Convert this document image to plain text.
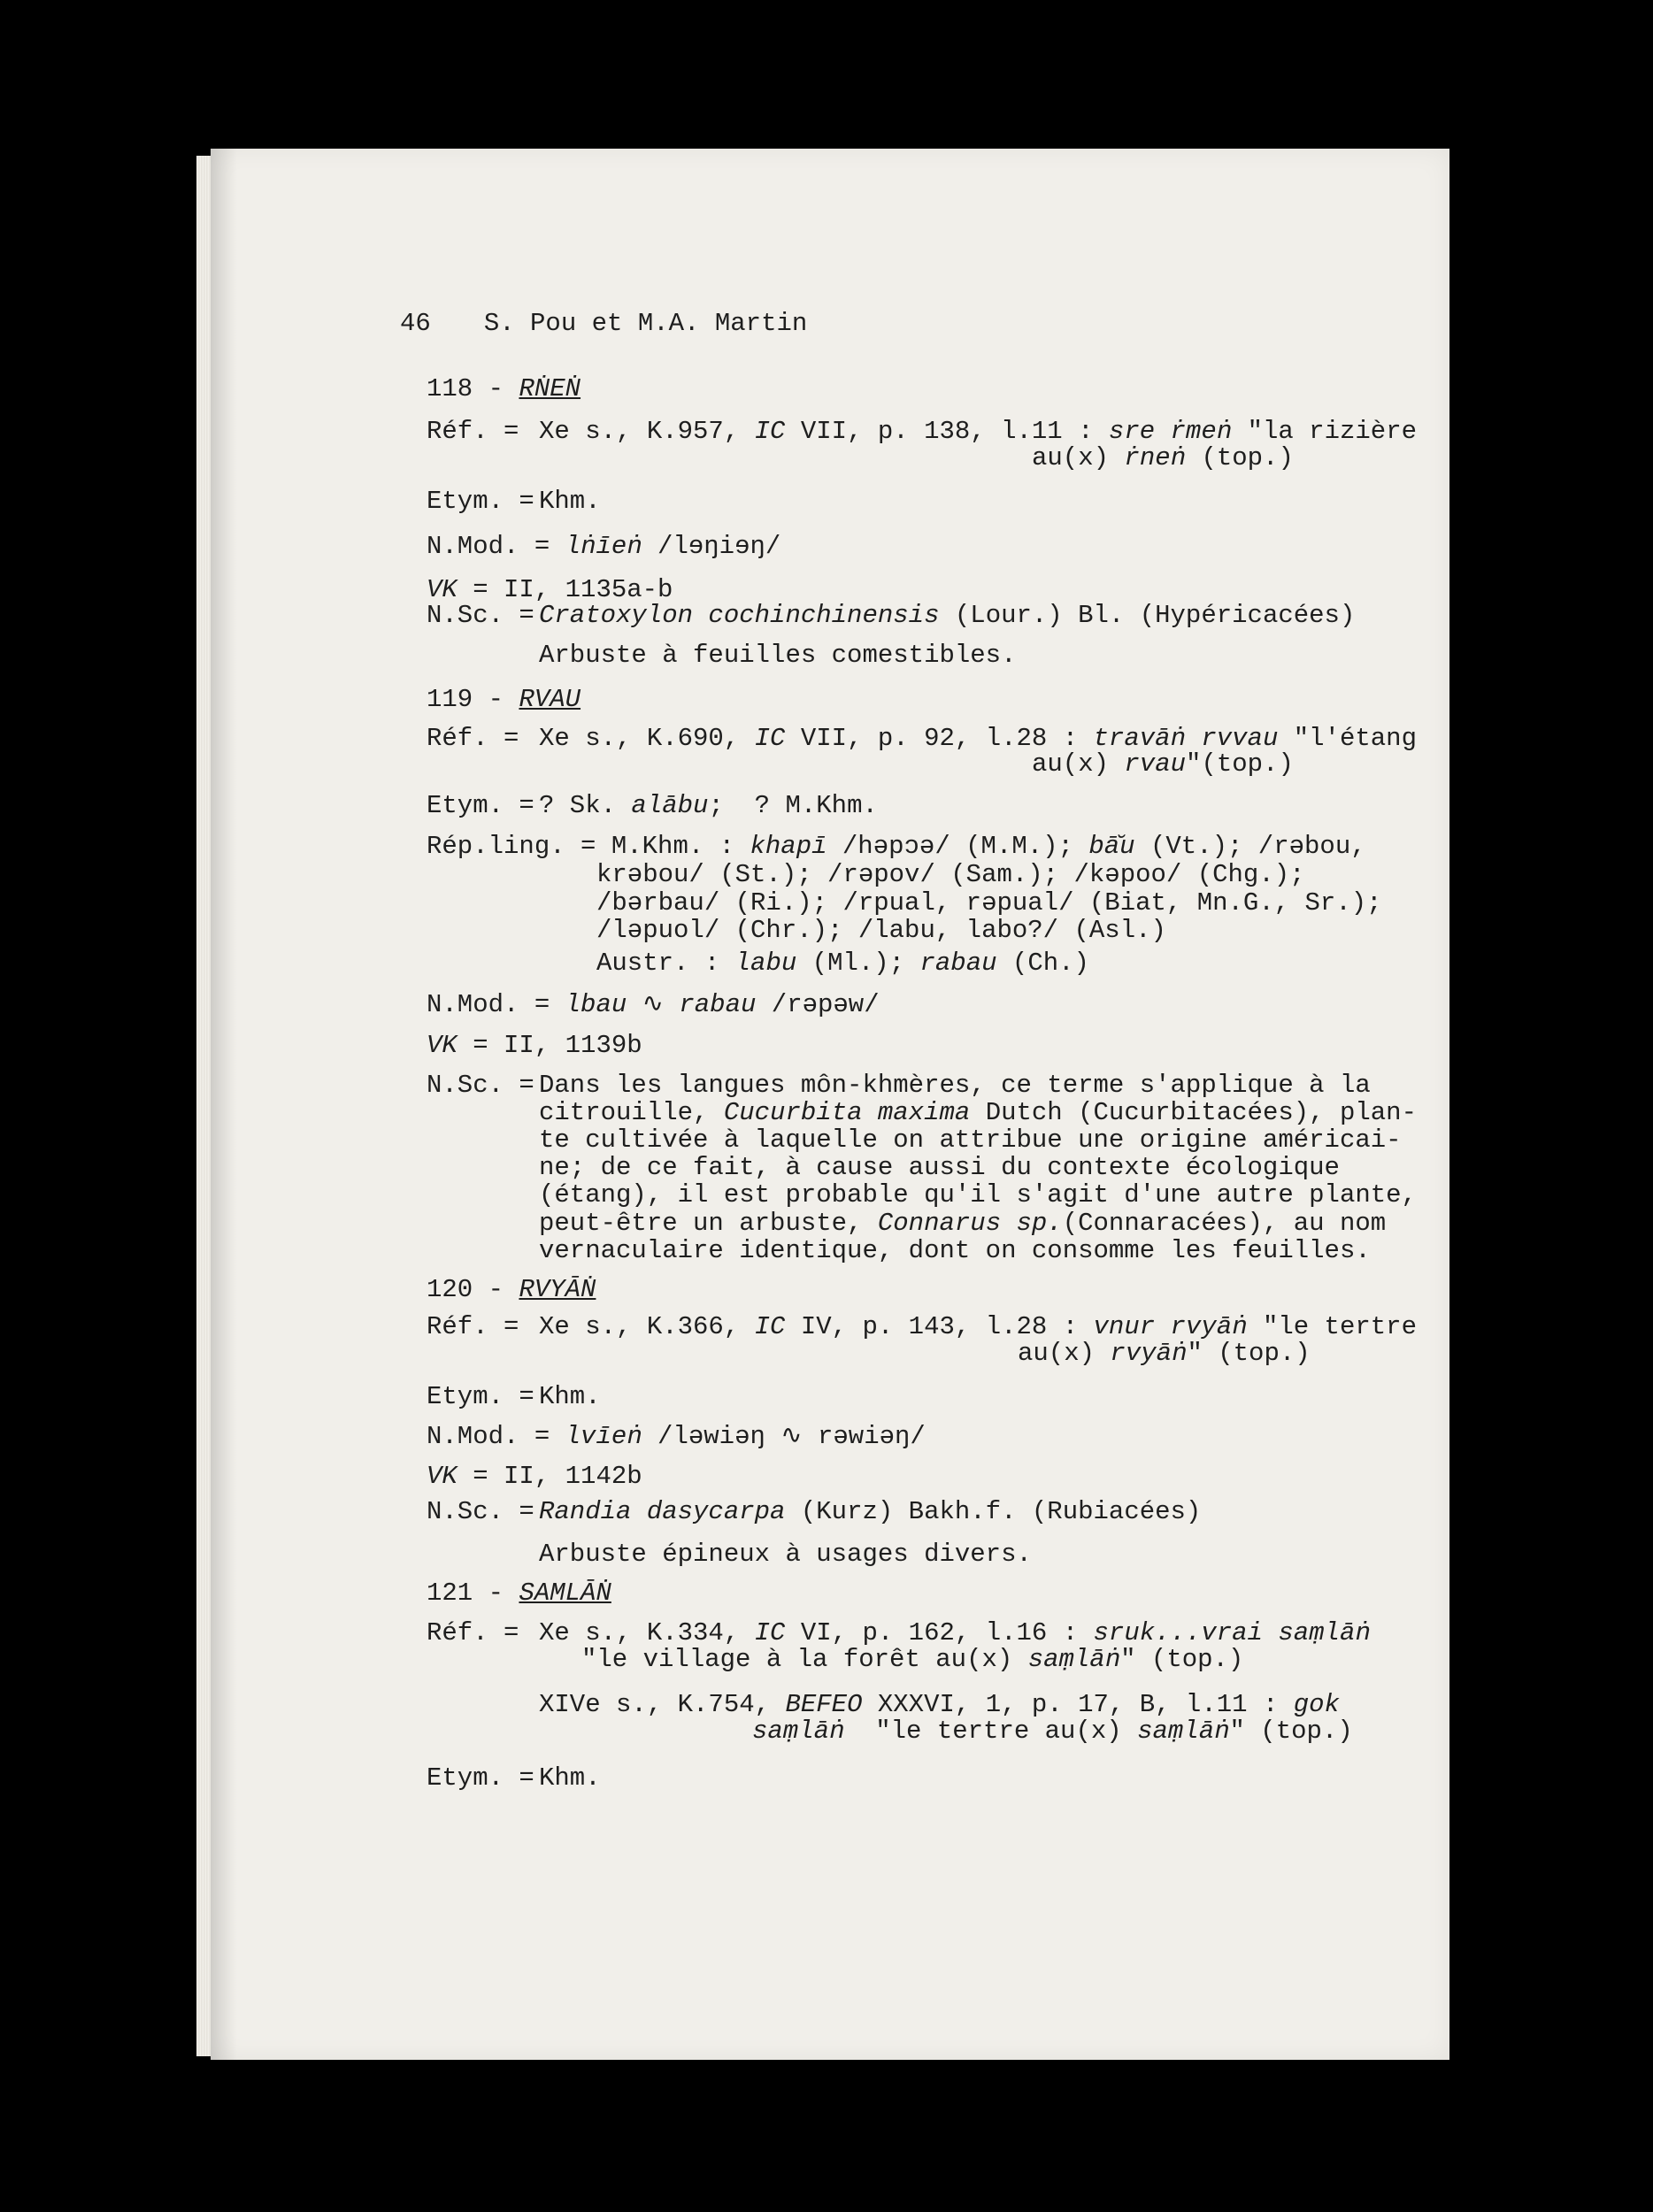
46 S. Pou et M.A. Martin
118 - RṄEṄ
Réf. = Xe s., K.957, IC VII, p. 138, l.11 : sre ṙmeṅ "la rizière
au(x) ṙneṅ (top.)
Etym. = Khm.
N.Mod. = lṅīeṅ /lɘŋiɘŋ/
VK = II, 1135a-b
N.Sc. = Cratoxylon cochinchinensis (Lour.) Bl. (Hypéricacées)
Arbuste à feuilles comestibles.
119 - RVAU
Réf. = Xe s., K.690, IC VII, p. 92, l.28 : travāṅ rvvau "l'étang
au(x) rvau"(top.)
Etym. = ? Sk. alābu;  ? M.Khm.
Rép.ling. = M.Khm. : khapī /həpɔə/ (M.M.); bā̆u (Vt.); /rəbou,
krəbou/ (St.); /rəpov/ (Sam.); /kəpoo/ (Chg.);
/bərbau/ (Ri.); /rpual, rəpual/ (Biat, Mn.G., Sr.);
/ləpuol/ (Chr.); /labu, labo?/ (Asl.)
Austr. : labu (Ml.); rabau (Ch.)
N.Mod. = lbau ∿ rabau /rəpəw/
VK = II, 1139b
N.Sc. = Dans les langues môn-khmères, ce terme s'applique à la
citrouille, Cucurbita maxima Dutch (Cucurbitacées), plan-
te cultivée à laquelle on attribue une origine américai-
ne; de ce fait, à cause aussi du contexte écologique
(étang), il est probable qu'il s'agit d'une autre plante,
peut-être un arbuste, Connarus sp.(Connaracées), au nom
vernaculaire identique, dont on consomme les feuilles.
120 - RVYĀṄ
Réf. = Xe s., K.366, IC IV, p. 143, l.28 : vnur rvyāṅ "le tertre
au(x) rvyāṅ" (top.)
Etym. = Khm.
N.Mod. = lvīeṅ /ləwiəŋ ∿ rəwiəŋ/
VK = II, 1142b
N.Sc. = Randia dasycarpa (Kurz) Bakh.f. (Rubiacées)
Arbuste épineux à usages divers.
121 - SAMLĀṄ
Réf. = Xe s., K.334, IC VI, p. 162, l.16 : sruk...vrai saṃlāṅ
"le village à la forêt au(x) saṃlāṅ" (top.)
XIVe s., K.754, BEFEO XXXVI, 1, p. 17, B, l.11 : gok
saṃlāṅ  "le tertre au(x) saṃlāṅ" (top.)
Etym. = Khm.
